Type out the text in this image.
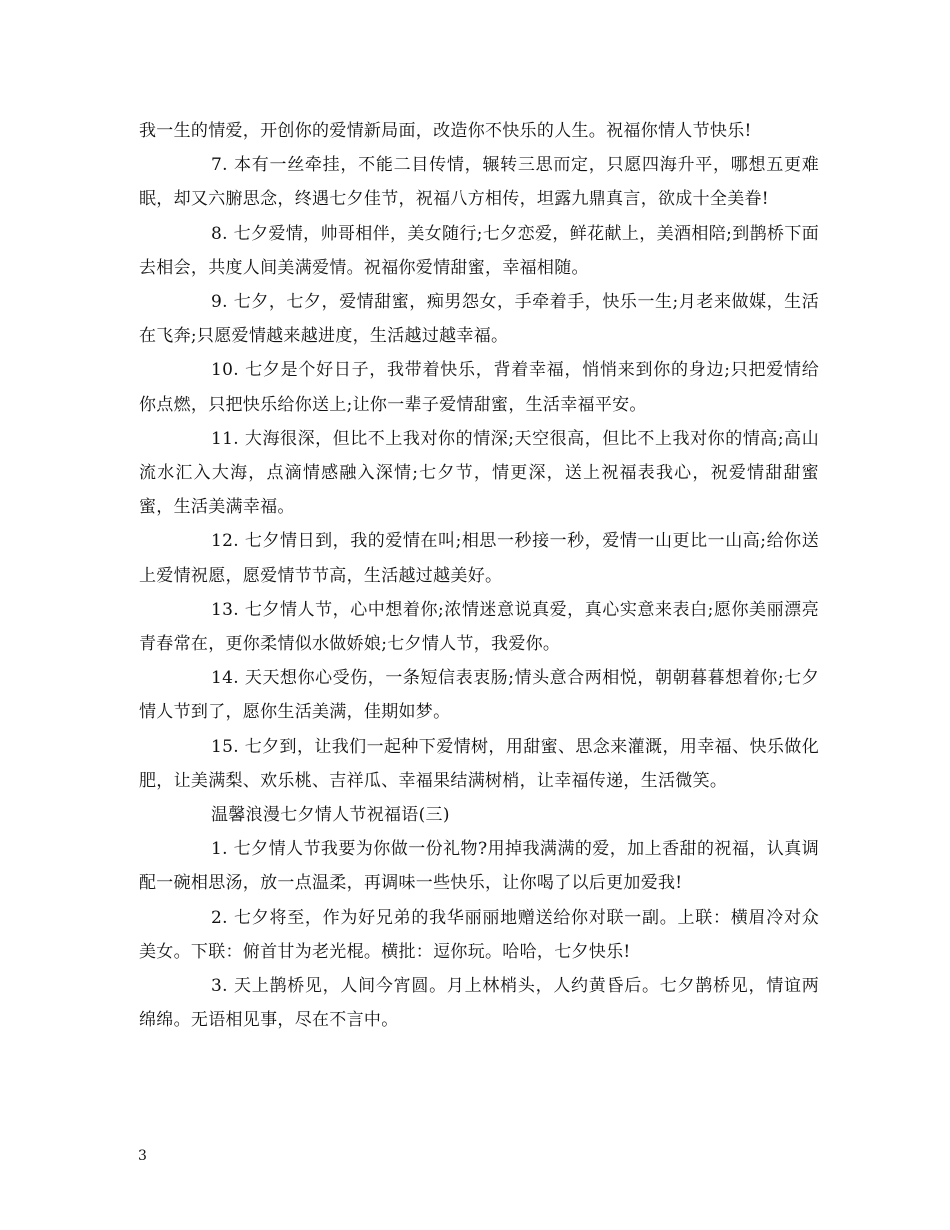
我一生的情爱，开创你的爱情新局面，改造你不快乐的人生。祝福你情人节快乐!

7. 本有一丝牵挂，不能二目传情，辗转三思而定，只愿四海升平，哪想五更难眠，却又六腑思念，终遇七夕佳节，祝福八方相传，坦露九鼎真言，欲成十全美眷!

8. 七夕爱情，帅哥相伴，美女随行;七夕恋爱，鲜花献上，美酒相陪;到鹊桥下面去相会，共度人间美满爱情。祝福你爱情甜蜜，幸福相随。

9. 七夕，七夕，爱情甜蜜，痴男怨女，手牵着手，快乐一生;月老来做媒，生活在飞奔;只愿爱情越来越进度，生活越过越幸福。

10. 七夕是个好日子，我带着快乐，背着幸福，悄悄来到你的身边;只把爱情给你点燃，只把快乐给你送上;让你一辈子爱情甜蜜，生活幸福平安。

11. 大海很深，但比不上我对你的情深;天空很高，但比不上我对你的情高;高山流水汇入大海，点滴情感融入深情;七夕节，情更深，送上祝福表我心，祝爱情甜甜蜜蜜，生活美满幸福。

12. 七夕情日到，我的爱情在叫;相思一秒接一秒，爱情一山更比一山高;给你送上爱情祝愿，愿爱情节节高，生活越过越美好。

13. 七夕情人节，心中想着你;浓情迷意说真爱，真心实意来表白;愿你美丽漂亮青春常在，更你柔情似水做娇娘;七夕情人节，我爱你。

14. 天天想你心受伤，一条短信表衷肠;情头意合两相悦，朝朝暮暮想着你;七夕情人节到了，愿你生活美满，佳期如梦。

15. 七夕到，让我们一起种下爱情树，用甜蜜、思念来灌溉，用幸福、快乐做化肥，让美满梨、欢乐桃、吉祥瓜、幸福果结满树梢，让幸福传递，生活微笑。

温馨浪漫七夕情人节祝福语(三)

1. 七夕情人节我要为你做一份礼物?用掉我满满的爱，加上香甜的祝福，认真调配一碗相思汤，放一点温柔，再调味一些快乐，让你喝了以后更加爱我!

2. 七夕将至，作为好兄弟的我华丽丽地赠送给你对联一副。上联：横眉冷对众美女。下联：俯首甘为老光棍。横批：逗你玩。哈哈，七夕快乐!

3. 天上鹊桥见，人间今宵圆。月上林梢头，人约黄昏后。七夕鹊桥见，情谊两绵绵。无语相见事，尽在不言中。

3
